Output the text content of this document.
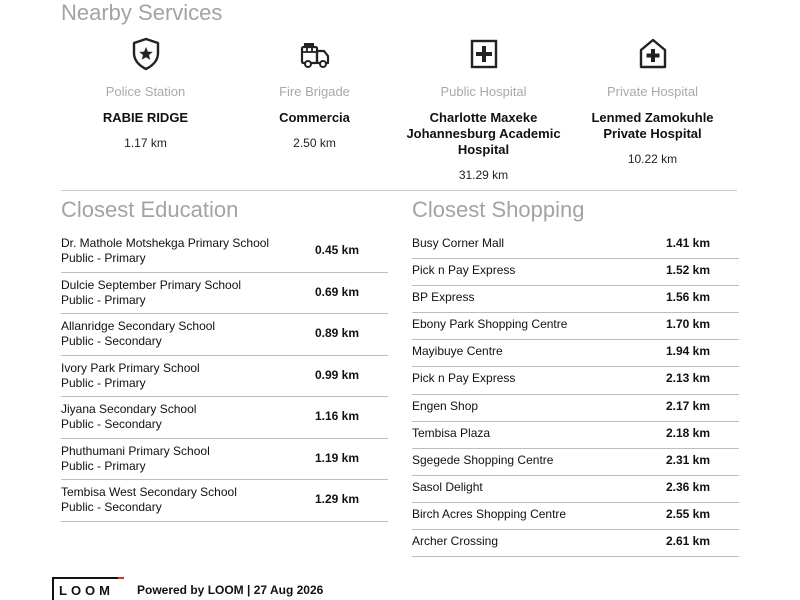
Nearby Services
Police Station
RABIE RIDGE
1.17 km
Fire Brigade
Commercia
2.50 km
Public Hospital
Charlotte Maxeke Johannesburg Academic Hospital
31.29 km
Private Hospital
Lenmed Zamokuhle Private Hospital
10.22 km
Closest Education	Closest Shopping
Dr. Mathole Motshekga Primary School
Public - Primary
0.45 km
Dulcie September Primary School
Public - Primary
0.69 km
Allanridge Secondary School
Public - Secondary
0.89 km
Ivory Park Primary School
Public - Primary
0.99 km
Jiyana Secondary School
Public - Secondary
1.16 km
Phuthumani Primary School
Public - Primary
1.19 km
Tembisa West Secondary School
Public - Secondary
1.29 km
Busy Corner Mall	1.41 km
Pick n Pay Express	1.52 km
BP Express	1.56 km
Ebony Park Shopping Centre	1.70 km
Mayibuye Centre	1.94 km
Pick n Pay Express	2.13 km
Engen Shop	2.17 km
Tembisa Plaza	2.18 km
Sgegede Shopping Centre	2.31 km
Sasol Delight	2.36 km
Birch Acres Shopping Centre	2.55 km
Archer Crossing	2.61 km
LOOM Powered by LOOM | 27 Aug 2026
